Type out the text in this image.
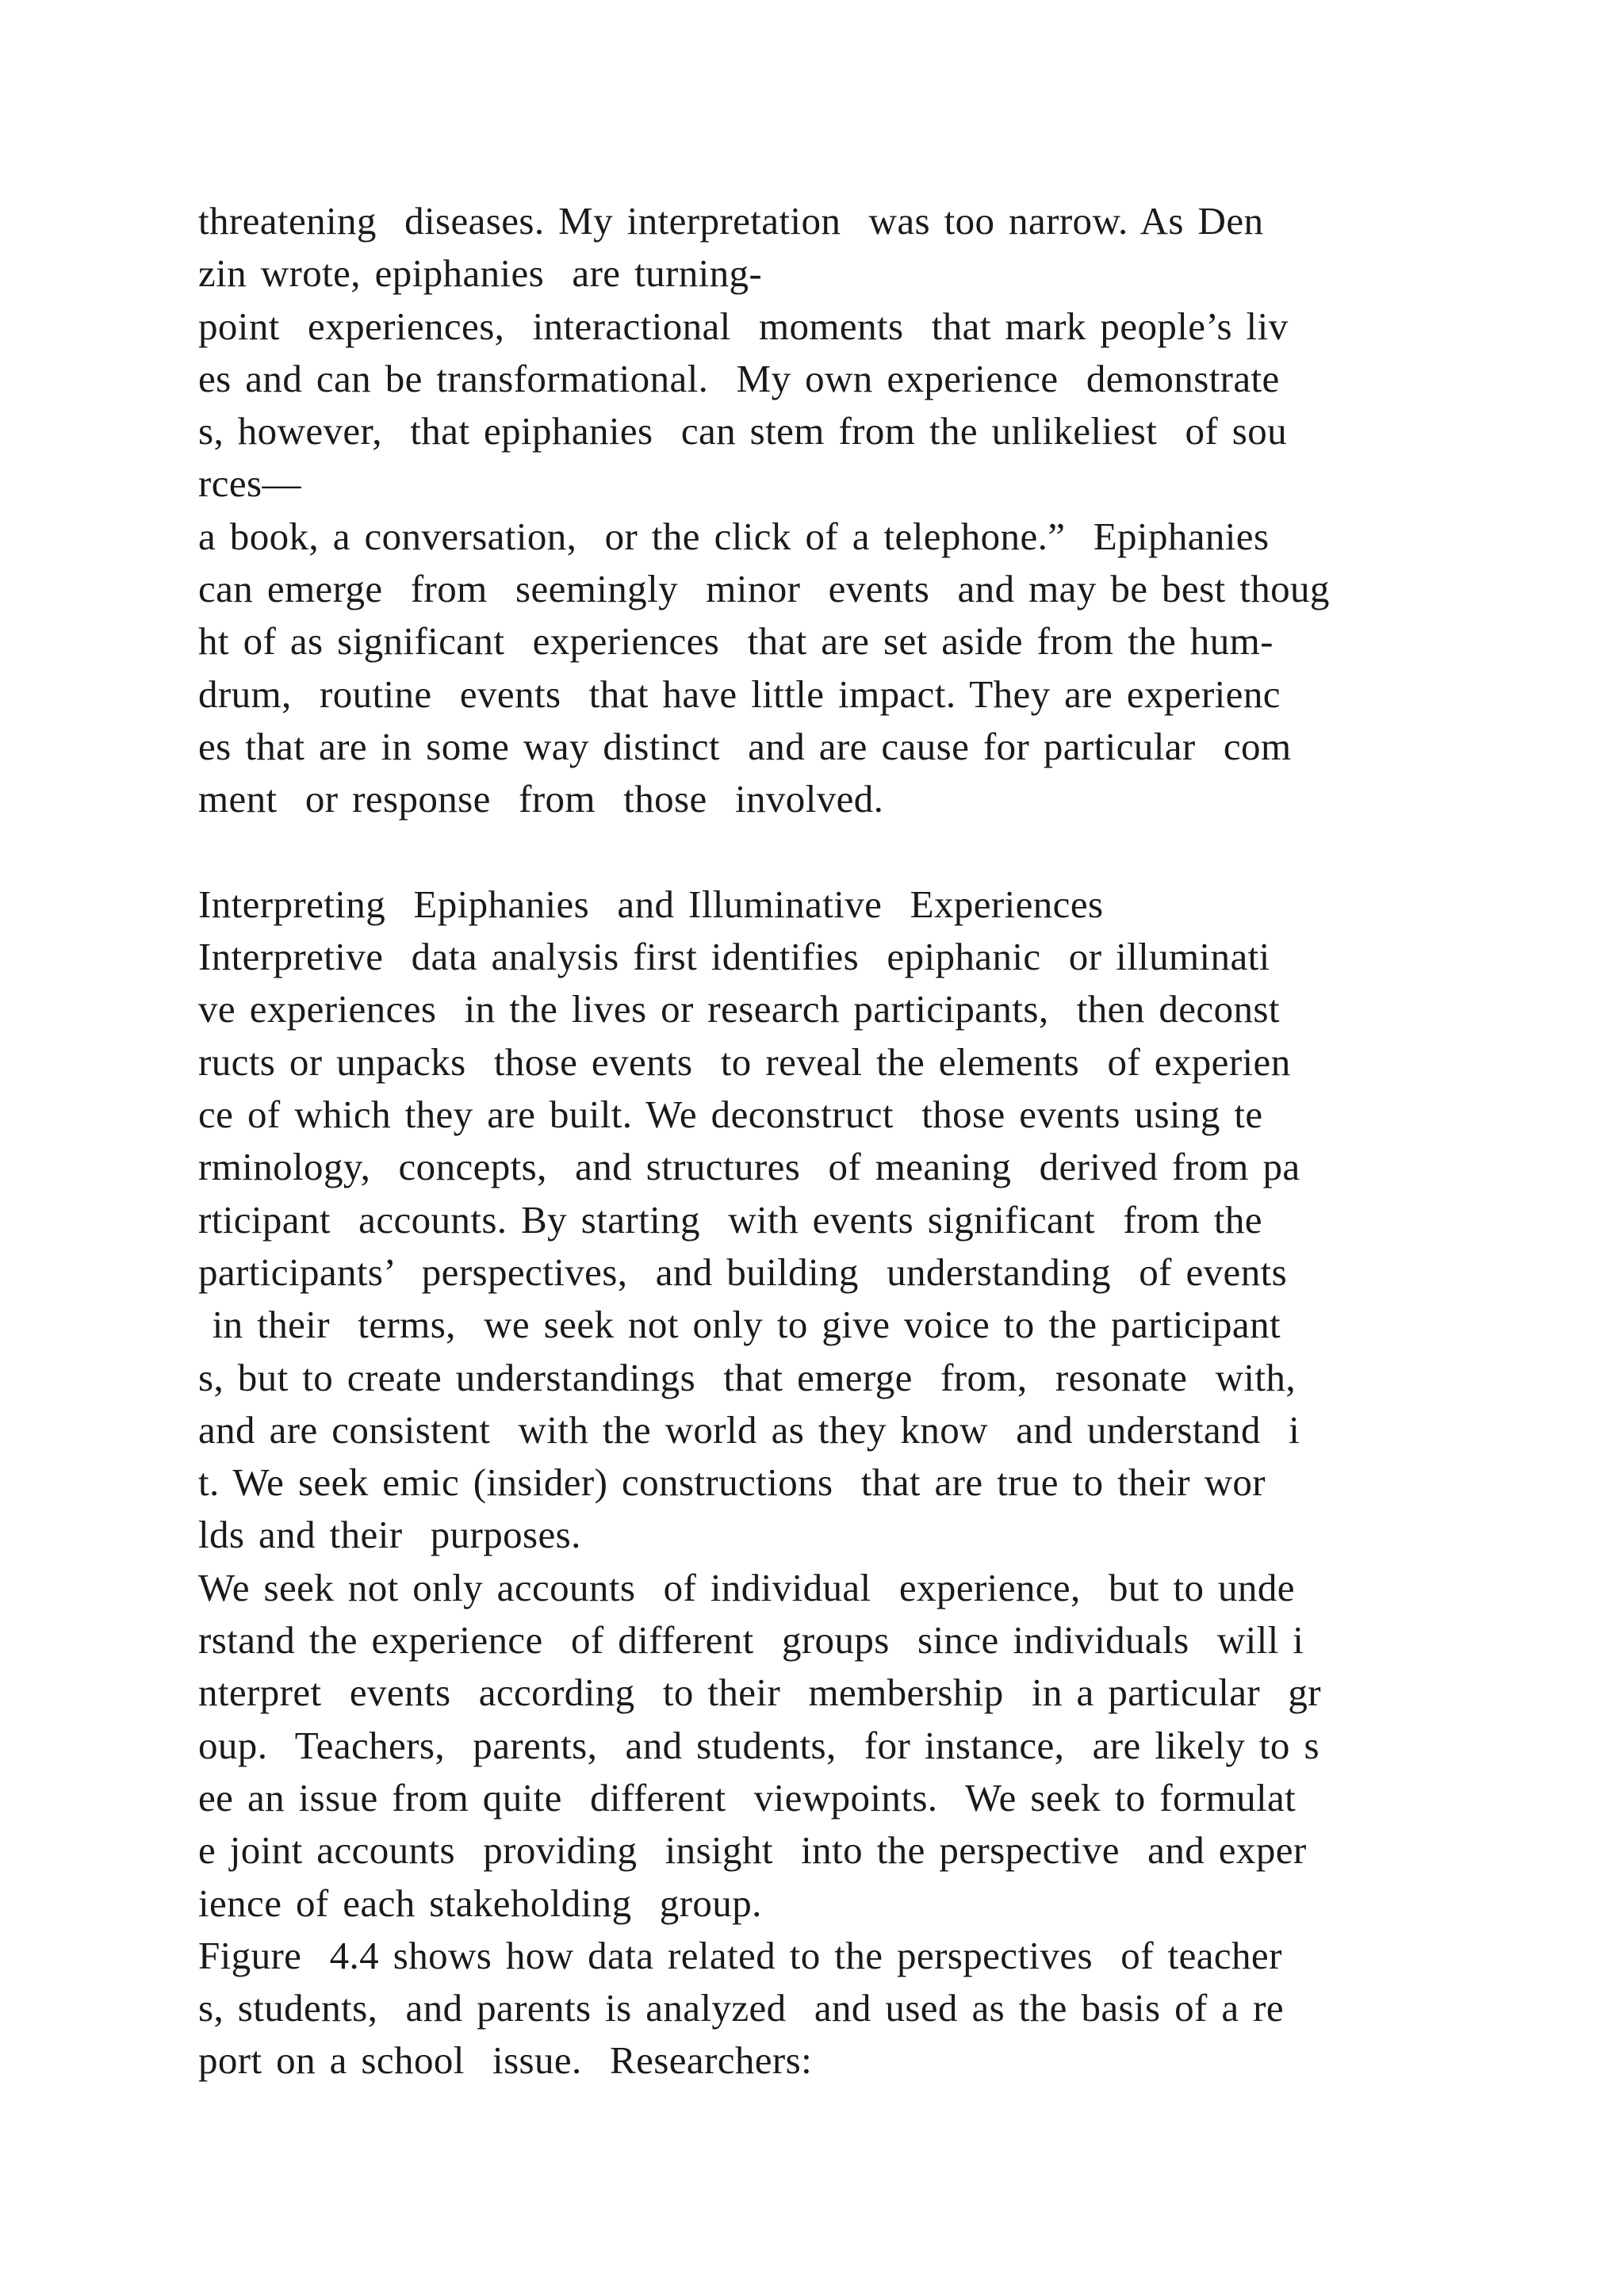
threatening  diseases. My interpretation  was too narrow. As Den
zin wrote, epiphanies  are turning-
point  experiences,  interactional  moments  that mark people’s liv
es and can be transformational.  My own experience  demonstrate
s, however,  that epiphanies  can stem from the unlikeliest  of sou
rces—
a book, a conversation,  or the click of a telephone.”  Epiphanies
can emerge  from  seemingly  minor  events  and may be best thoug
ht of as significant  experiences  that are set aside from the hum-
drum,  routine  events  that have little impact. They are experienc
es that are in some way distinct  and are cause for particular  com
ment  or response  from  those  involved.
Interpreting  Epiphanies  and Illuminative  Experiences
Interpretive  data analysis first identifies  epiphanic  or illuminati
ve experiences  in the lives or research participants,  then deconst
ructs or unpacks  those events  to reveal the elements  of experien
ce of which they are built. We deconstruct  those events using te
rminology,  concepts,  and structures  of meaning  derived from pa
rticipant  accounts. By starting  with events significant  from the
participants’  perspectives,  and building  understanding  of events
in their  terms,  we seek not only to give voice to the participant
s, but to create understandings  that emerge  from,  resonate  with,
and are consistent  with the world as they know  and understand  i
t. We seek emic (insider) constructions  that are true to their wor
lds and their  purposes.
We seek not only accounts  of individual  experience,  but to unde
rstand the experience  of different  groups  since individuals  will i
nterpret  events  according  to their  membership  in a particular  gr
oup.  Teachers,  parents,  and students,  for instance,  are likely to s
ee an issue from quite  different  viewpoints.  We seek to formulat
e joint accounts  providing  insight  into the perspective  and exper
ience of each stakeholding  group.
Figure  4.4 shows how data related to the perspectives  of teacher
s, students,  and parents is analyzed  and used as the basis of a re
port on a school  issue.  Researchers:
